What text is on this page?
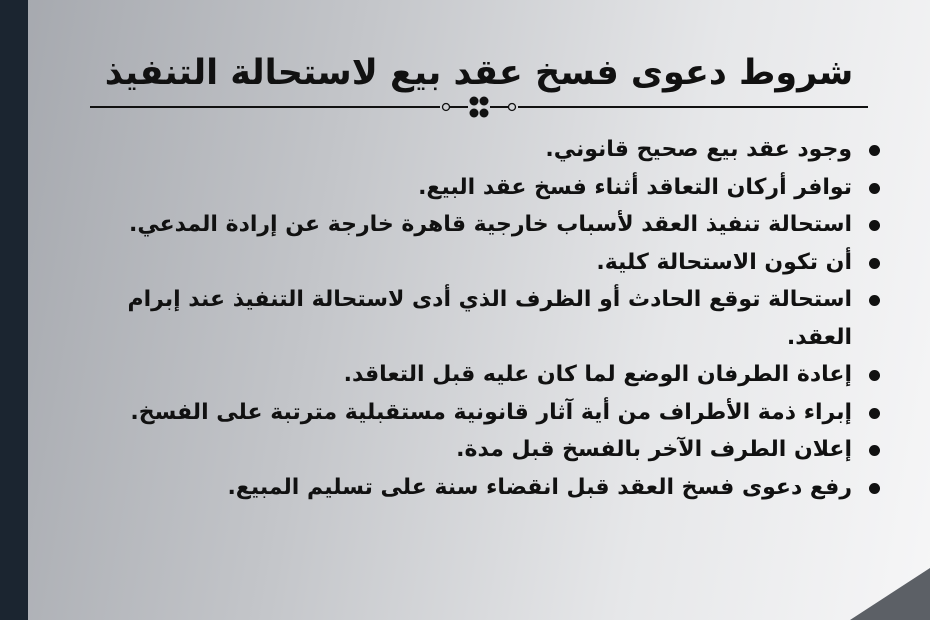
شروط دعوى فسخ عقد بيع لاستحالة التنفيذ
وجود عقد بيع صحيح قانوني.
توافر أركان التعاقد أثناء فسخ عقد البيع.
استحالة تنفيذ العقد لأسباب خارجية قاهرة خارجة عن إرادة المدعي.
أن تكون الاستحالة كلية.
استحالة توقع الحادث أو الظرف الذي أدى لاستحالة التنفيذ عند إبرام العقد.
إعادة الطرفان الوضع لما كان عليه قبل التعاقد.
إبراء ذمة الأطراف من أية آثار قانونية مستقبلية مترتبة على الفسخ.
إعلان الطرف الآخر بالفسخ قبل مدة.
رفع دعوى فسخ العقد قبل انقضاء سنة على تسليم المبيع.
